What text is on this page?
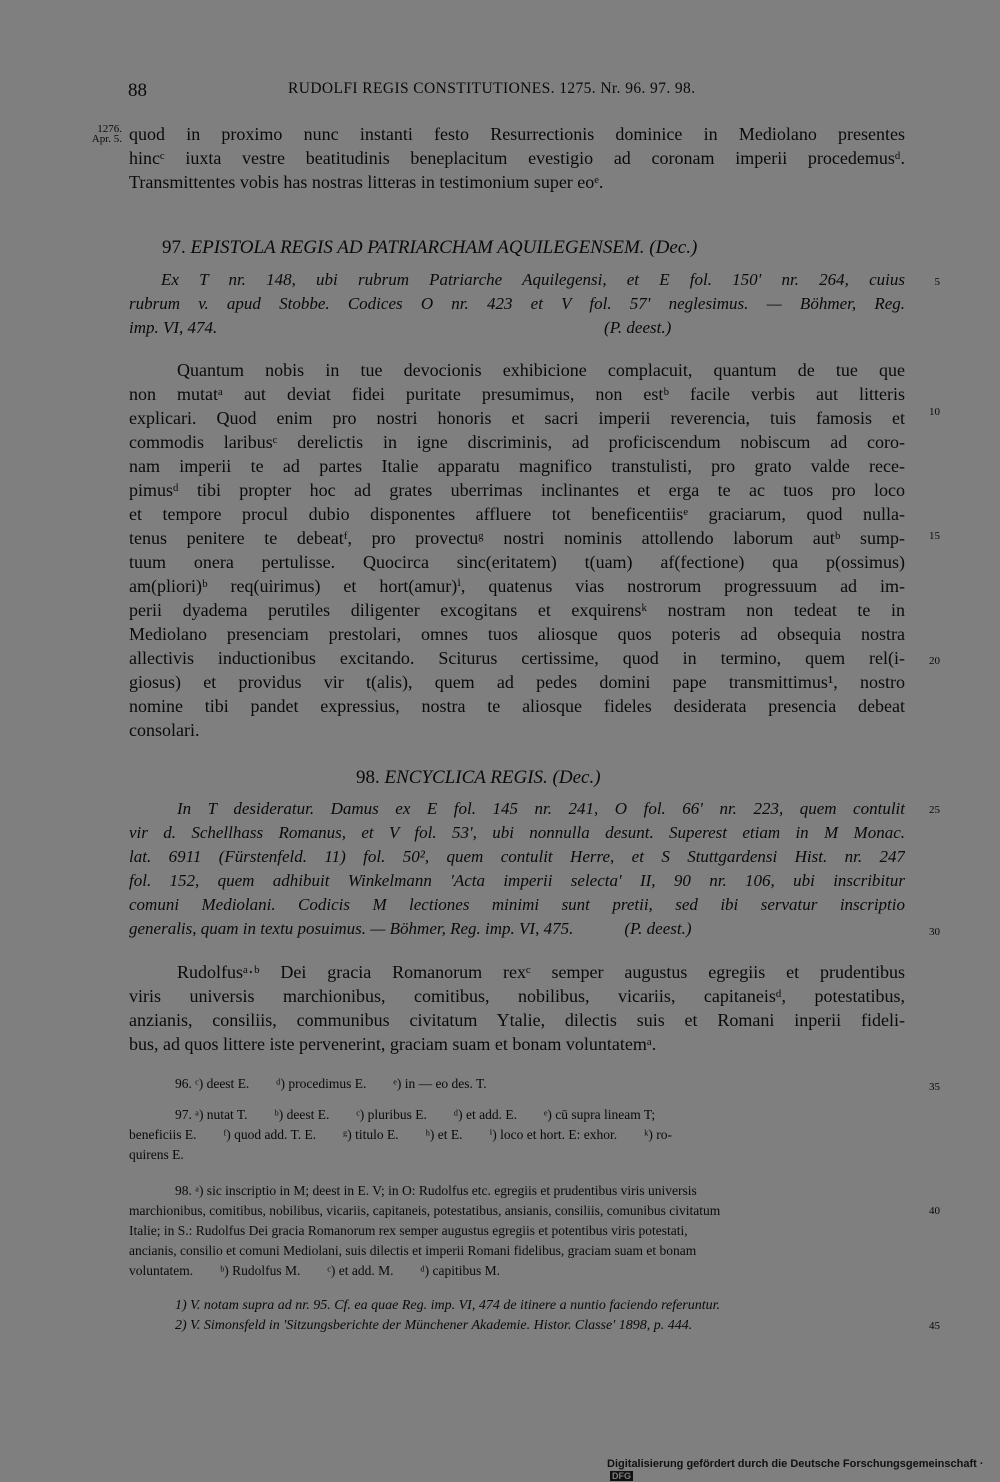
88	RUDOLFI REGIS CONSTITUTIONES. 1275. Nr. 96. 97. 98.
1276.
Apr. 5. quod in proximo nunc instanti festo Resurrectionis dominice in Mediolano presentes
hincᶜ iuxta vestre beatitudinis beneplacitum evestigio ad coronam imperii procedemusᵈ.
Transmittentes vobis has nostras litteras in testimonium super eoᵉ.
97. EPISTOLA REGIS AD PATRIARCHAM AQUILEGENSEM. (Dec.)
Ex T nr. 148, ubi rubrum Patriarche Aquilegensi, et E fol. 150' nr. 264, cuius
rubrum v. apud Stobbe. Codices O nr. 423 et V fol. 57' neglesimus. — Böhmer, Reg.
imp. VI, 474.                                                                                           (P. deest.)
Quantum nobis in tue devocionis exhibicione complacuit, quantum de tue que
non mutatᵃ aut deviat fidei puritate presumimus, non estᵇ facile verbis aut litteris
explicari. Quod enim pro nostri honoris et sacri imperii reverencia, tuis famosis et
commodis laribusᶜ derelictis in igne discriminis, ad proficiscendum nobiscum ad coro-
nam imperii te ad partes Italie apparatu magnifico transtulisti, pro grato valde rece-
pimusᵈ tibi propter hoc ad grates uberrimas inclinantes et erga te ac tuos pro loco
et tempore procul dubio disponentes affluere tot beneficentiisᵉ graciarum, quod nulla-
tenus penitere te debeatᶠ, pro provectuᵍ nostri nominis attollendo laborum autᵇ sump-
tuum onera pertulisse. Quocirca sinc(eritatem) t(uam) af(fectione) qua p(ossimus)
am(pliori)ᵇ req(uirimus) et hort(amur)ⁱ, quatenus vias nostrorum progressuum ad im-
perii dyadema perutiles diligenter excogitans et exquirensᵏ nostram non tedeat te in
Mediolano presenciam prestolari, omnes tuos aliosque quos poteris ad obsequia nostra
allectivis inductionibus excitando. Sciturus certissime, quod in termino, quem rel(i-
giosus) et providus vir t(alis), quem ad pedes domini pape transmittimus¹, nostro
nomine tibi pandet expressius, nostra te aliosque fideles desiderata presencia debeat
consolari.
98. ENCYCLICA REGIS. (Dec.)
In T desideratur. Damus ex E fol. 145 nr. 241, O fol. 66' nr. 223, quem contulit
vir d. Schellhass Romanus, et V fol. 53', ubi nonnulla desunt. Superest etiam in M Monac.
lat. 6911 (Fürstenfeld. 11) fol. 50², quem contulit Herre, et S Stuttgardensi Hist. nr. 247
fol. 152, quem adhibuit Winkelmann 'Acta imperii selecta' II, 90 nr. 106, ubi inscribitur
comuni Mediolani. Codicis M lectiones minimi sunt pretii, sed ibi servatur inscriptio
generalis, quam in textu posuimus. — Böhmer, Reg. imp. VI, 475.            (P. deest.)
Rudolfusᵃ·ᵇ Dei gracia Romanorum rexᶜ semper augustus egregiis et prudentibus
viris universis marchionibus, comitibus, nobilibus, vicariis, capitaneisᵈ, potestatibus,
anzianis, consiliis, communibus civitatum Ytalie, dilectis suis et Romani inperii fideli-
bus, ad quos littere iste pervenerint, graciam suam et bonam voluntatemᵃ.
96. ᶜ) deest E.        ᵈ) procedimus E.        ᵉ) in — eo des. T.
97. ᵃ) nutat T.        ᵇ) deest E.        ᶜ) pluribus E.        ᵈ) et add. E.        ᵉ) cū supra lineam T;
beneficiis E.        ᶠ) quod add. T. E.        ᵍ) titulo E.        ʰ) et E.        ⁱ) loco et hort. E: exhor.        ᵏ) ro-
quirens E.
98. ᵃ) sic inscriptio in M; deest in E. V; in O: Rudolfus etc. egregiis et prudentibus viris universis
marchionibus, comitibus, nobilibus, vicariis, capitaneis, potestatibus, ansianis, consiliis, comunibus civitatum
Italie; in S.: Rudolfus Dei gracia Romanorum rex semper augustus egregiis et potentibus viris potestati,
ancianis, consilio et comuni Mediolani, suis dilectis et imperii Romani fidelibus, graciam suam et bonam
voluntatem.        ᵇ) Rudolfus M.        ᶜ) et add. M.        ᵈ) capitibus M.
1) V. notam supra ad nr. 95. Cf. ea quae Reg. imp. VI, 474 de itinere a nuntio faciendo referuntur.
2) V. Simonsfeld in 'Sitzungsberichte der Münchener Akademie. Histor. Classe' 1898, p. 444.
5
10
15
20
25
30
35
40
45
Digitalisierung gefördert durch die Deutsche Forschungsgemeinschaft · DFG
